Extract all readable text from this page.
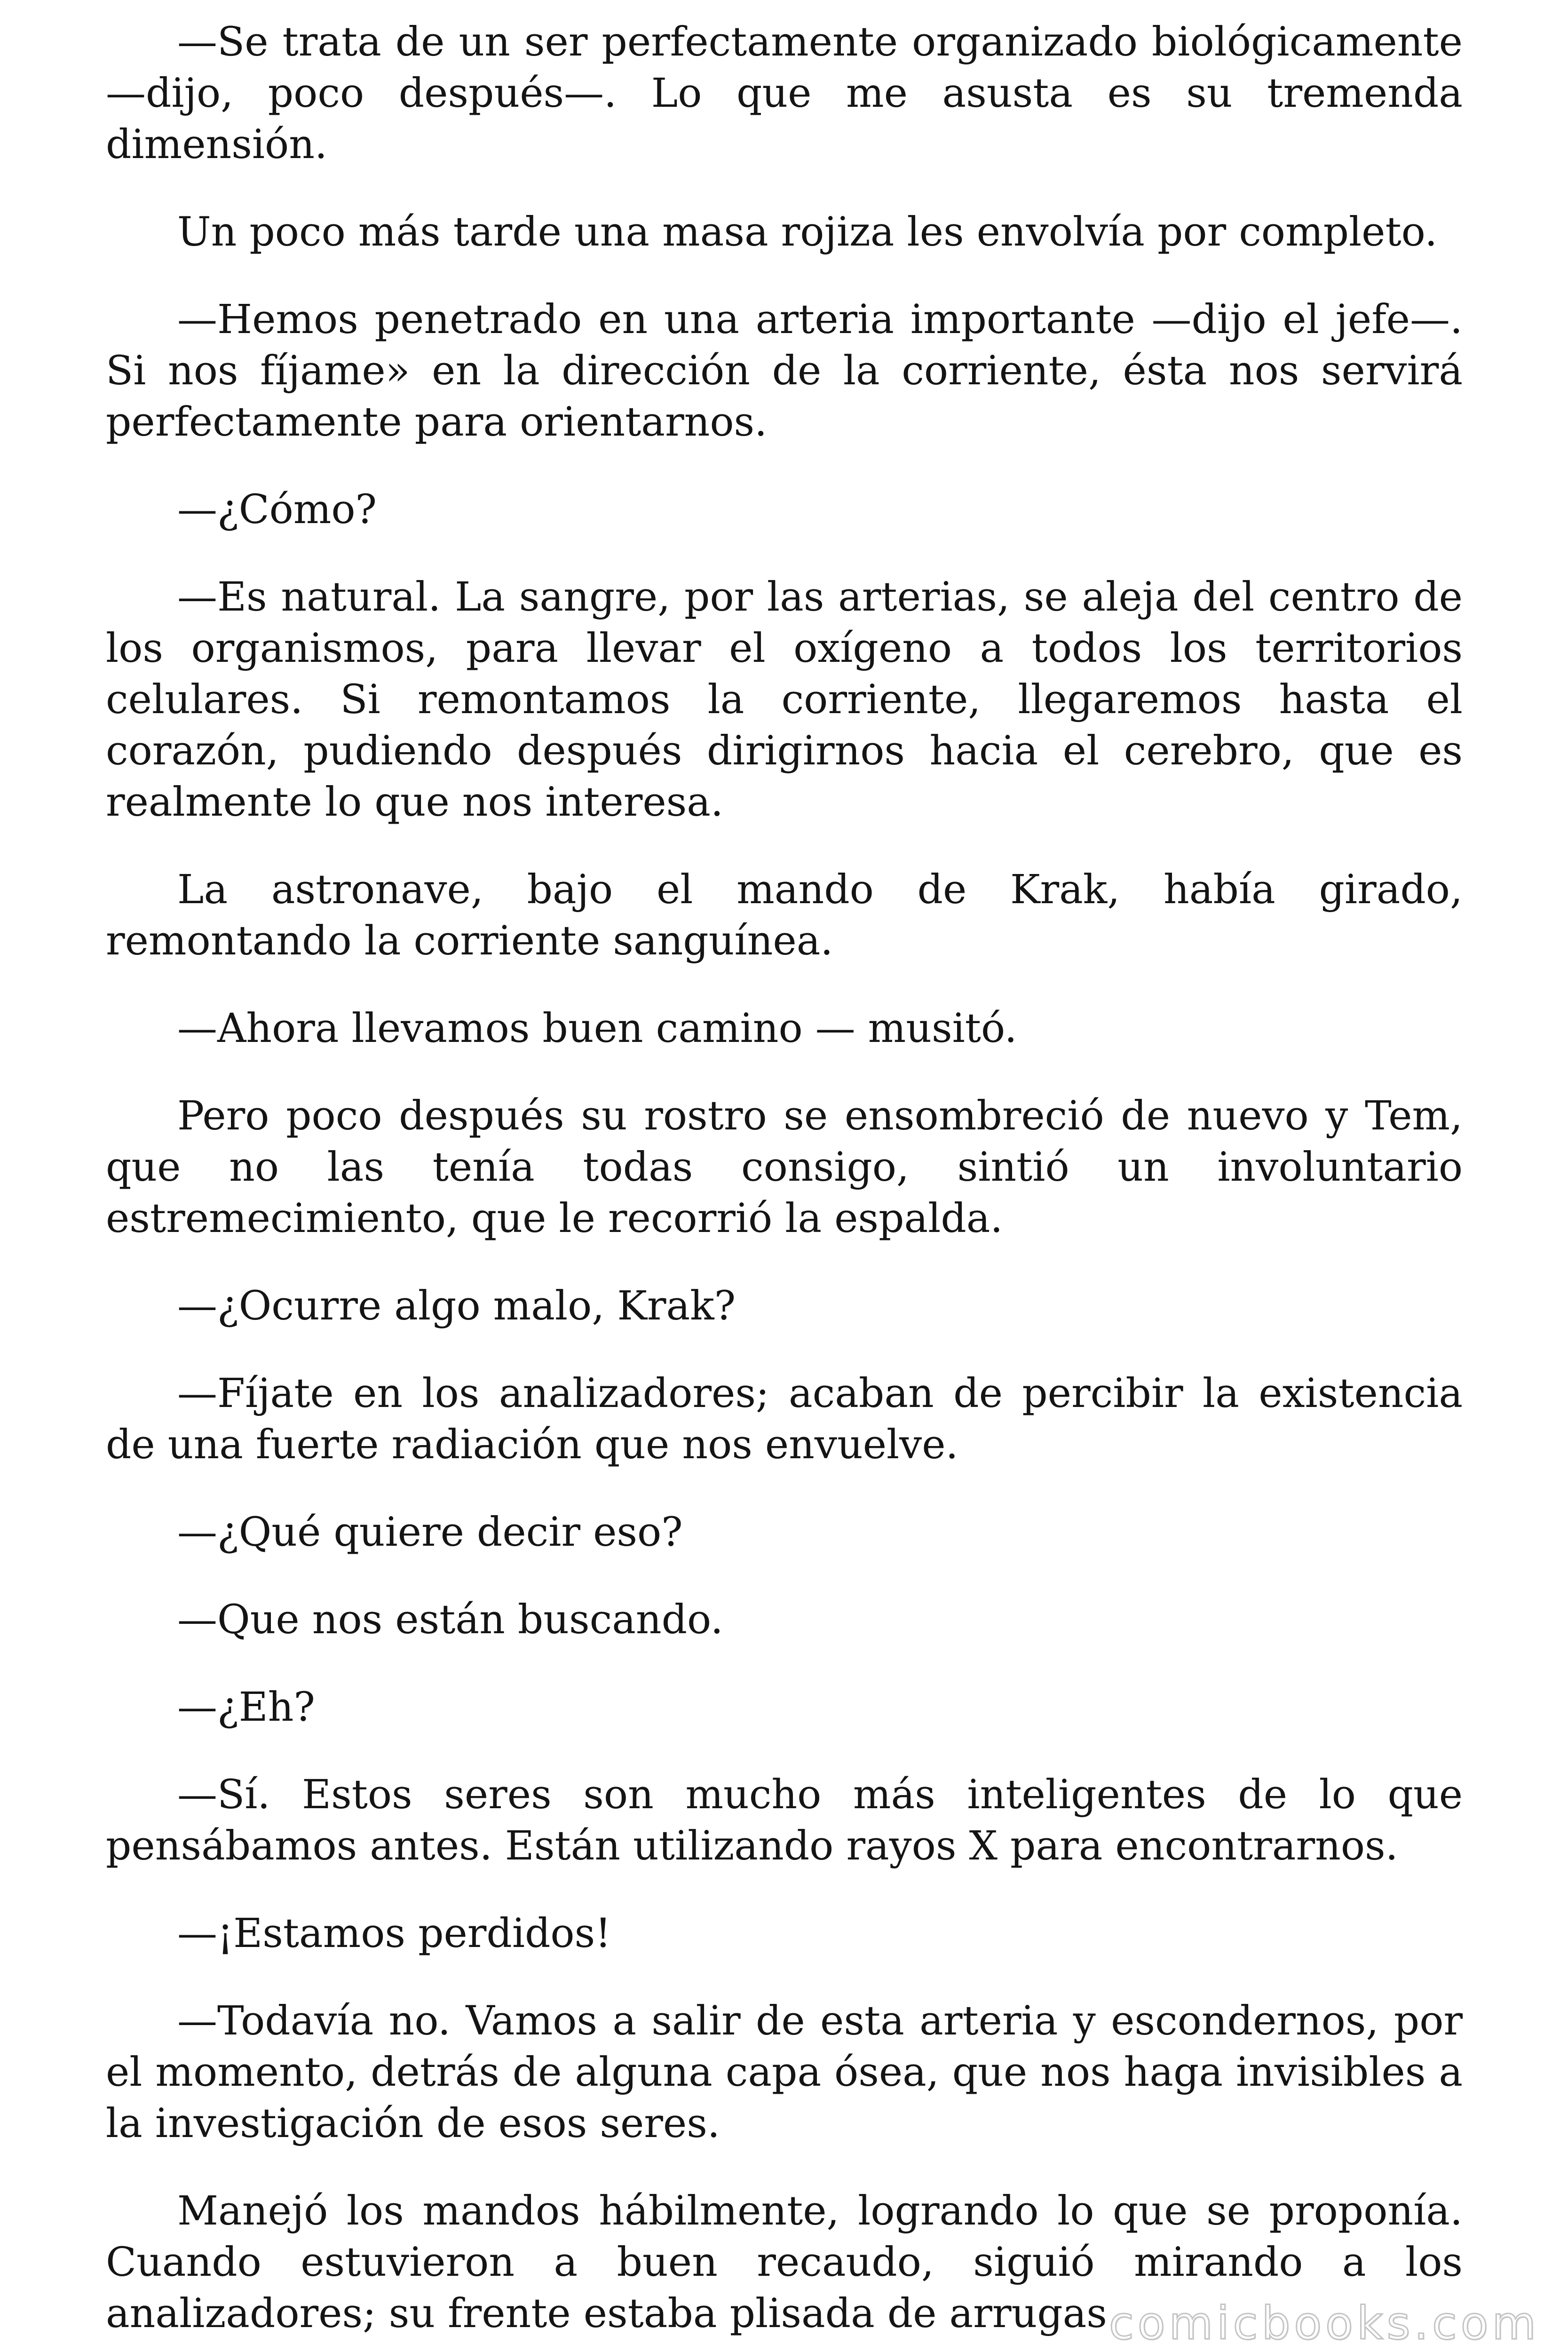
—Se trata de un ser perfectamente organizado biológicamente —dijo, poco después—. Lo que me asusta es su tremenda dimensión.

Un poco más tarde una masa rojiza les envolvía por completo.

—Hemos penetrado en una arteria importante —dijo el jefe—. Si nos fíjame» en la dirección de la corriente, ésta nos servirá perfectamente para orientarnos.

—¿Cómo?

—Es natural. La sangre, por las arterias, se aleja del centro de los organismos, para llevar el oxígeno a todos los territorios celulares. Si remontamos la corriente, llegaremos hasta el corazón, pudiendo después dirigirnos hacia el cerebro, que es realmente lo que nos interesa.

La astronave, bajo el mando de Krak, había girado, remontando la corriente sanguínea.

—Ahora llevamos buen camino — musitó.

Pero poco después su rostro se ensombreció de nuevo y Tem, que no las tenía todas consigo, sintió un involuntario estremecimiento, que le recorrió la espalda.

—¿Ocurre algo malo, Krak?

—Fíjate en los analizadores; acaban de percibir la existencia de una fuerte radiación que nos envuelve.

—¿Qué quiere decir eso?

—Que nos están buscando.

—¿Eh?

—Sí. Estos seres son mucho más inteligentes de lo que pensábamos antes. Están utilizando rayos X para encontrarnos.

—¡Estamos perdidos!

—Todavía no. Vamos a salir de esta arteria y escondernos, por el momento, detrás de alguna capa ósea, que nos haga invisibles a la investigación de esos seres.

Manejó los mandos hábilmente, logrando lo que se proponía. Cuando estuvieron a buen recaudo, siguió mirando a los analizadores; su frente estaba plisada de arrugas.

comicbooks.com
